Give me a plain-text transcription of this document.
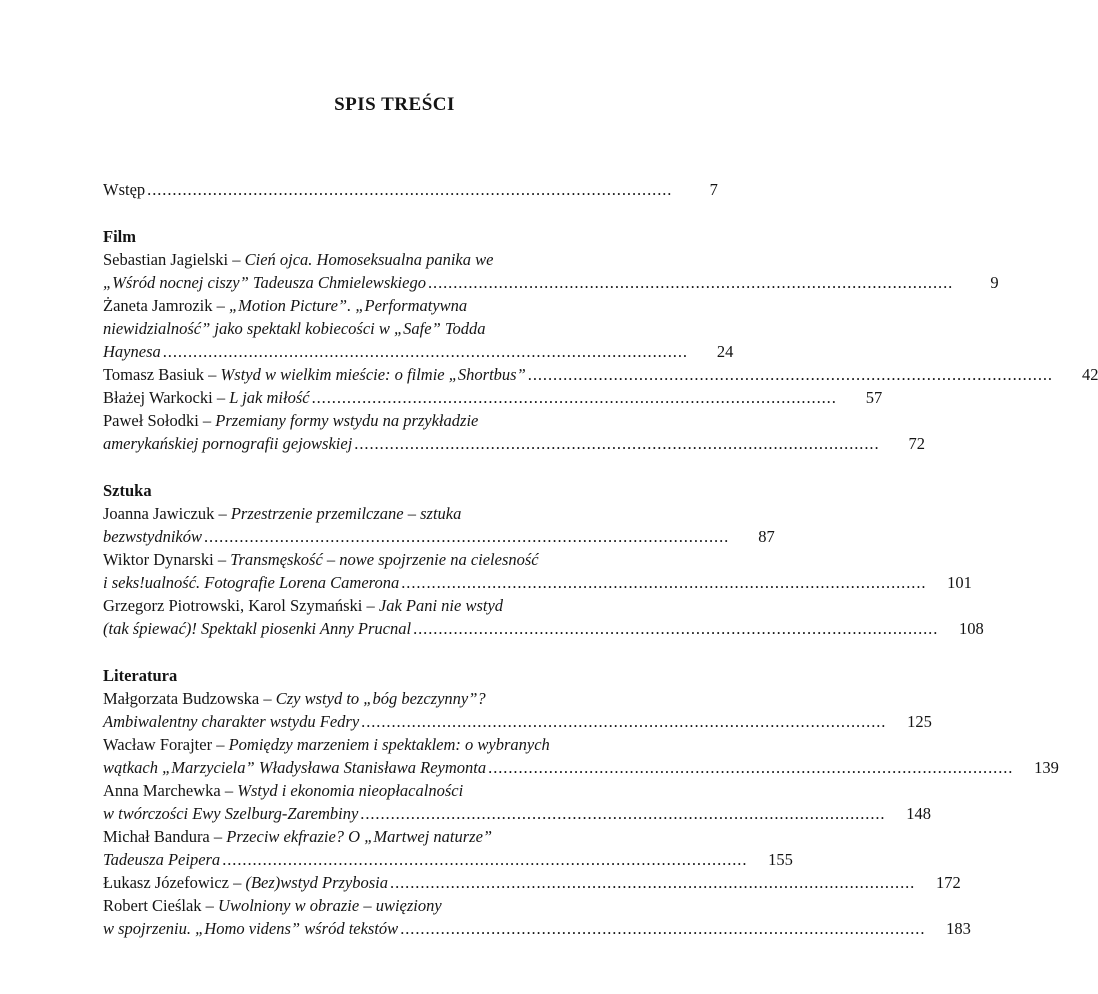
SPIS TREŚCI
Wstęp . . .	7
Film
Sebastian Jagielski – Cień ojca. Homoseksualna panika we
„Wśród nocnej ciszy” Tadeusza Chmielewskiego . . .	9
Żaneta Jamrozik – „Motion Picture”. „Performatywna
niewidzialność” jako spektakl kobiecości w „Safe” Todda
Haynesa . . .	24
Tomasz Basiuk – Wstyd w wielkim mieście: o filmie „Shortbus” . . .	42
Błażej Warkocki – L jak miłość . . .	57
Paweł Sołodki – Przemiany formy wstydu na przykładzie
amerykańskiej pornografii gejowskiej . . .	72
Sztuka
Joanna Jawiczuk – Przestrzenie przemilczane – sztuka
bezwstydników . . .	87
Wiktor Dynarski – Transmęskość – nowe spojrzenie na cielesność
i seks!ualność. Fotografie Lorena Camerona . . .	101
Grzegorz Piotrowski, Karol Szymański – Jak Pani nie wstyd
(tak śpiewać)! Spektakl piosenki Anny Prucnal . . .	108
Literatura
Małgorzata Budzowska – Czy wstyd to „bóg bezczynny”?
Ambiwalentny charakter wstydu Fedry . . .	125
Wacław Forajter – Pomiędzy marzeniem i spektaklem: o wybranych
wątkach „Marzyciela” Władysława Stanisława Reymonta . . .	139
Anna Marchewka – Wstyd i ekonomia nieopłacalności
w twórczości Ewy Szelburg-Zarembiny . . .	148
Michał Bandura – Przeciw ekfrazie? O „Martwej naturze”
Tadeusza Peipera . . .	155
Łukasz Józefowicz – (Bez)wstyd Przybosia . . .	172
Robert Cieślak – Uwolniony w obrazie – uwięziony
w spojrzeniu. „Homo videns” wśród tekstów . . .	183
